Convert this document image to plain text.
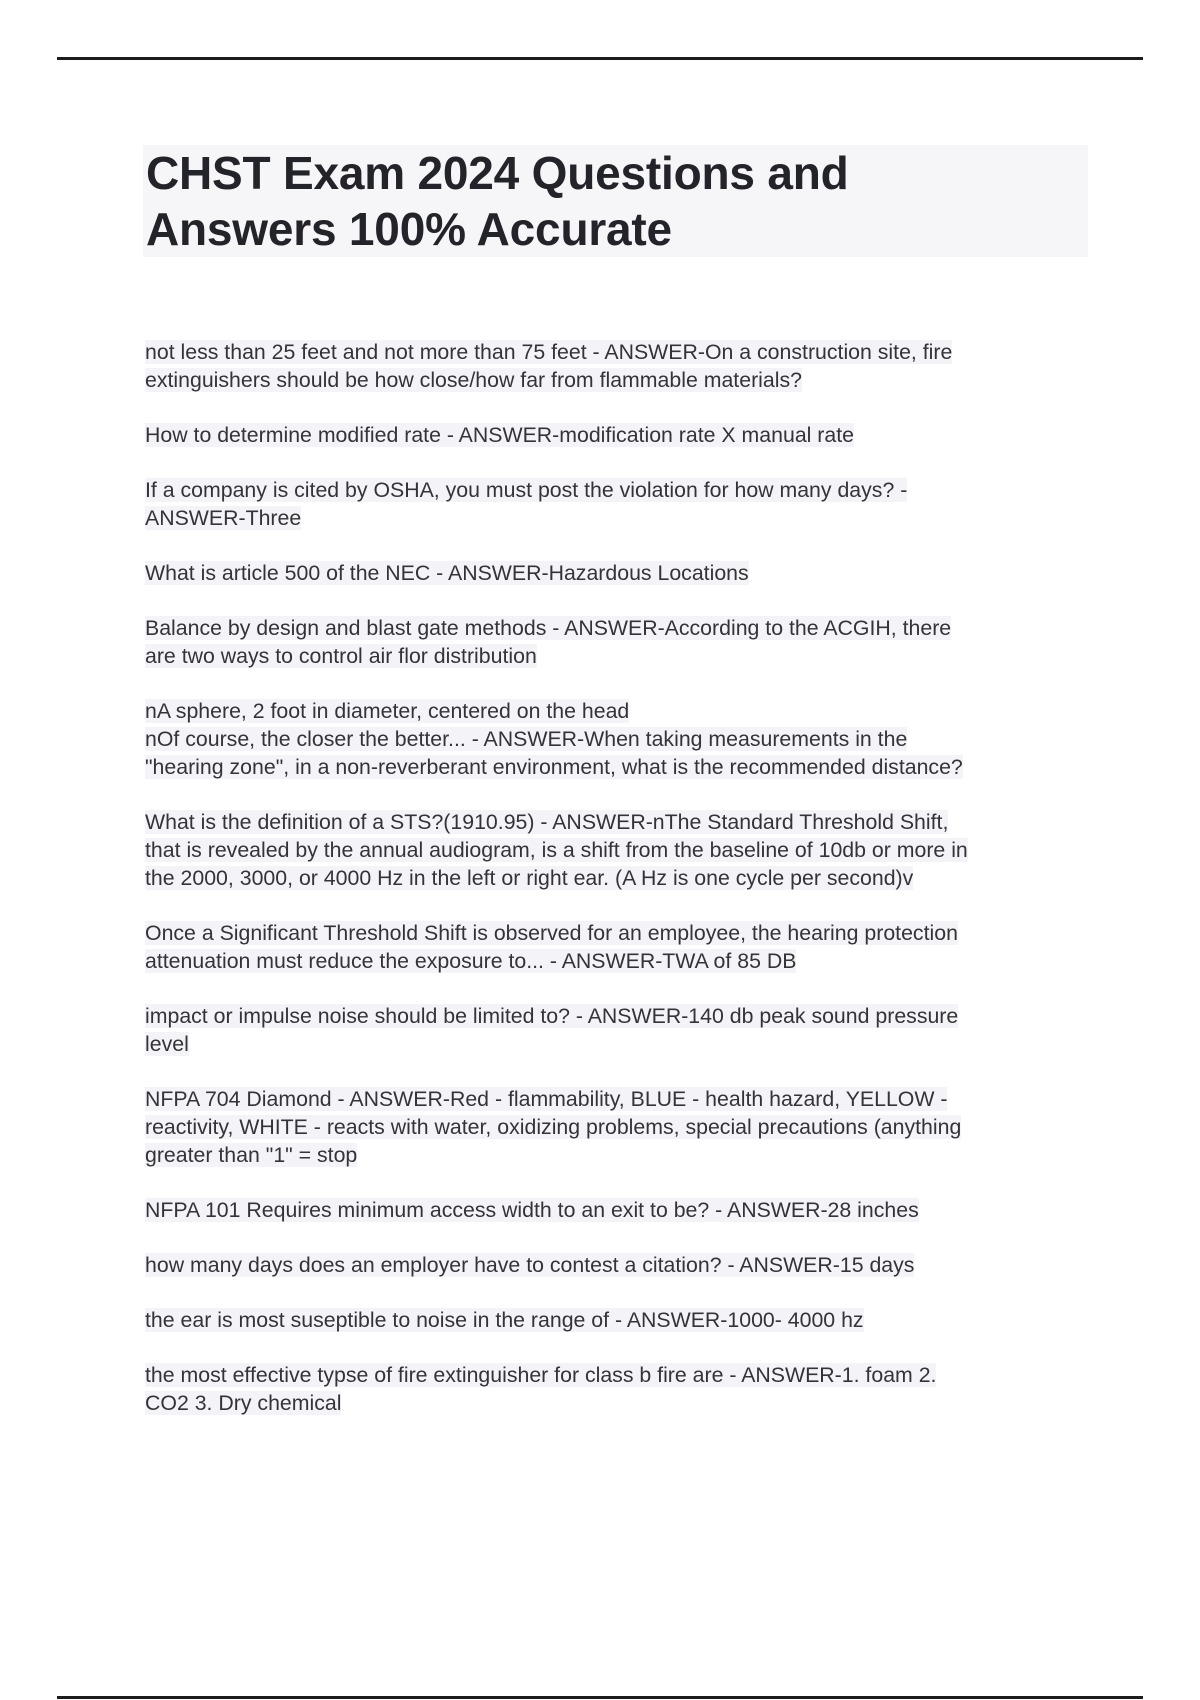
CHST Exam 2024 Questions and
Answers 100% Accurate

not less than 25 feet and not more than 75 feet - ANSWER-On a construction site, fire
extinguishers should be how close/how far from flammable materials?

How to determine modified rate - ANSWER-modification rate X manual rate

If a company is cited by OSHA, you must post the violation for how many days? -
ANSWER-Three

What is article 500 of the NEC - ANSWER-Hazardous Locations

Balance by design and blast gate methods - ANSWER-According to the ACGIH, there
are two ways to control air flor distribution

nA sphere, 2 foot in diameter, centered on the head
nOf course, the closer the better... - ANSWER-When taking measurements in the
"hearing zone", in a non-reverberant environment, what is the recommended distance?

What is the definition of a STS?(1910.95) - ANSWER-nThe Standard Threshold Shift,
that is revealed by the annual audiogram, is a shift from the baseline of 10db or more in
the 2000, 3000, or 4000 Hz in the left or right ear. (A Hz is one cycle per second)v

Once a Significant Threshold Shift is observed for an employee, the hearing protection
attenuation must reduce the exposure to... - ANSWER-TWA of 85 DB

impact or impulse noise should be limited to? - ANSWER-140 db peak sound pressure
level

NFPA 704 Diamond - ANSWER-Red - flammability, BLUE - health hazard, YELLOW -
reactivity, WHITE - reacts with water, oxidizing problems, special precautions (anything
greater than "1" = stop

NFPA 101 Requires minimum access width to an exit to be? - ANSWER-28 inches

how many days does an employer have to contest a citation? - ANSWER-15 days

the ear is most suseptible to noise in the range of - ANSWER-1000- 4000 hz

the most effective typse of fire extinguisher for class b fire are - ANSWER-1. foam 2.
CO2 3. Dry chemical
